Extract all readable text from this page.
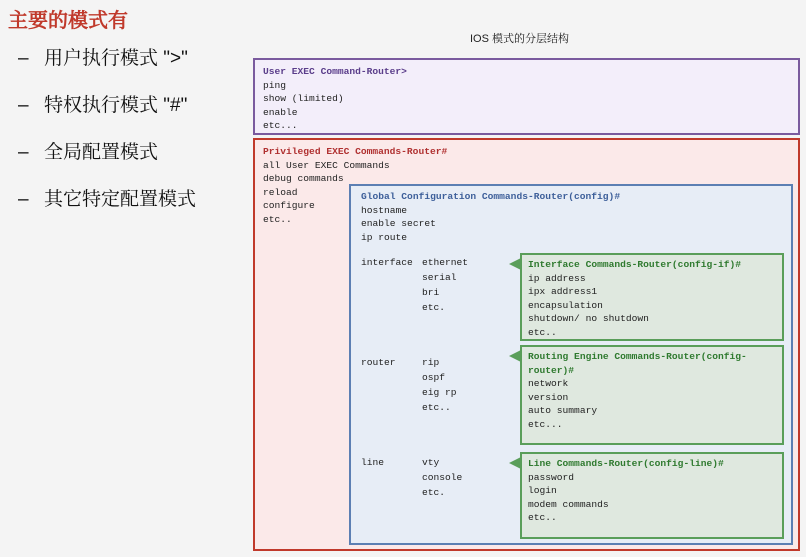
主要的模式有
– 用户执行模式 ">"
– 特权执行模式 "#"
– 全局配置模式
– 其它特定配置模式
IOS 模式的分层结构
User EXEC Command-Router>
ping
show (limited)
enable
etc...
Privileged EXEC Commands-Router#
all User EXEC Commands
debug commands
reload
configure
etc..
Global Configuration Commands-Router(config)#
hostname
enable secret
ip route
interface ethernet
serial
bri
etc.
router	rip
ospf
eig rp
etc..
line	vty
console
etc.
Interface Commands-Router(config-if)#
ip address
ipx address1
encapsulation
shutdown/ no shutdown
etc..
Routing Engine Commands-Router(config-router)#
network
version
auto summary
etc...
Line Commands-Router(config-line)#
password
login
modem commands
etc..
